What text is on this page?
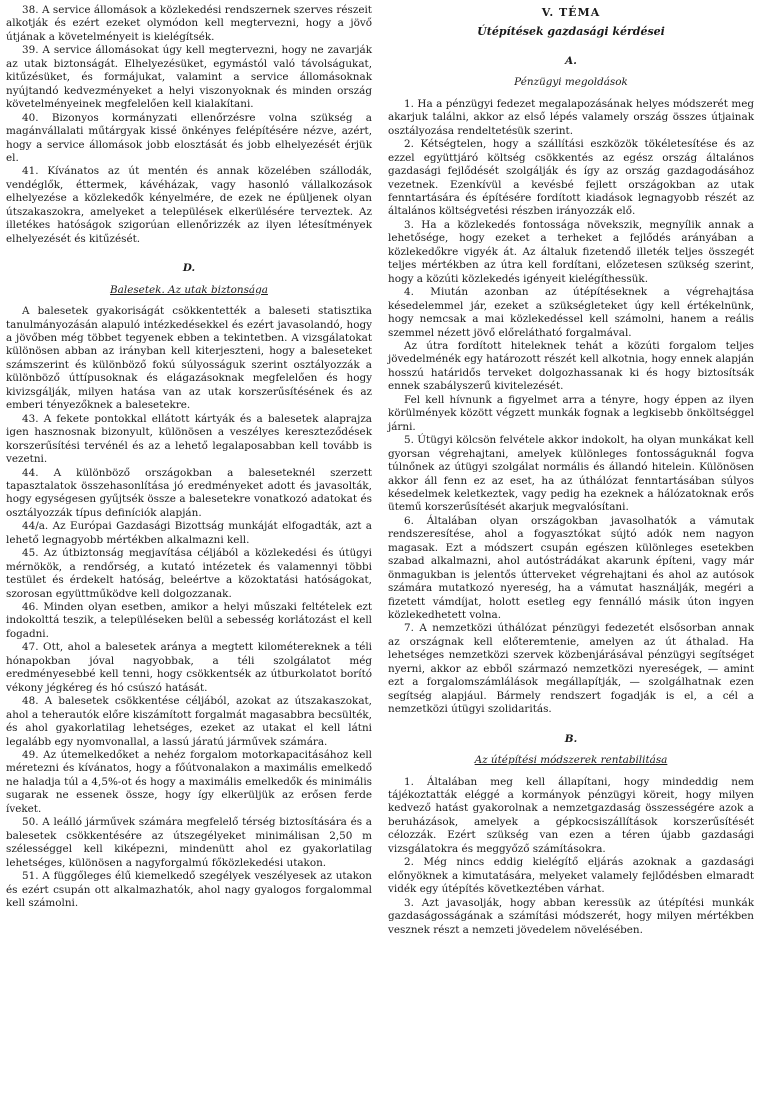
38. A service állomások a közlekedési rendszernek szerves részeit alkotják és ezért ezeket olymódon kell megtervezni, hogy a jövő útjának a követelményeit is kielégítsék.

39. A service állomásokat úgy kell megtervezni, hogy ne zavarják az utak biztonságát. Elhelyezésüket, egymástól való távolságukat, kitűzésüket, és formájukat, valamint a service állomásoknak nyújtandó kedvezményeket a helyi viszonyoknak és minden ország követelményeinek megfelelően kell kialakítani.

40. Bizonyos kormányzati ellenőrzésre volna szükség a magánvállalati műtárgyak kissé önkényes felépítésére nézve, azért, hogy a service állomások jobb elosztását és jobb elhelyezését érjük el.

41. Kívánatos az út mentén és annak közelében szállodák, vendéglők, éttermek, kávéházak, vagy hasonló vállalkozások elhelyezése a közlekedők kényelmére, de ezek ne épüljenek olyan útszakaszokra, amelyeket a települések elkerülésére terveztek. Az illetékes hatóságok szigorúan ellenőrizzék az ilyen létesítmények elhelyezését és kitűzését.

D.
Balesetek. Az utak biztonsága

A balesetek gyakoriságát csökkentették a baleseti statisztika tanulmányozásán alapuló intézkedésekkel és ezért javasolandó, hogy a jövőben még többet tegyenek ebben a tekintetben. A vizsgálatokat különösen abban az irányban kell kiterjeszteni, hogy a baleseteket számszerint és különböző fokú súlyosságuk szerint osztályozzák a különböző úttípusoknak és elágazásoknak megfelelően és hogy kivizsgálják, milyen hatása van az utak korszerűsítésének és az emberi tényezőknek a balesetekre.

43. A fekete pontokkal ellátott kártyák és a balesetek alaprajza igen hasznosnak bizonyult, különösen a veszélyes kereszteződések korszerűsítési tervénél és az a lehető legalaposabban kell tovább is vezetni.

44. A különböző országokban a baleseteknél szerzett tapasztalatok összehasonlítása jó eredményeket adott és javasolták, hogy egységesen gyűjtsék össze a balesetekre vonatkozó adatokat és osztályozzák típus definíciók alapján.

44/a. Az Európai Gazdasági Bizottság munkáját elfogadták, azt a lehető legnagyobb mértékben alkalmazni kell.

45. Az útbiztonság megjavítása céljából a közlekedési és útügyi mérnökök, a rendőrség, a kutató intézetek és valamennyi többi testület és érdekelt hatóság, beleértve a közoktatási hatóságokat, szorosan együttműködve kell dolgozzanak.

46. Minden olyan esetben, amikor a helyi műszaki feltételek ezt indokolttá teszik, a településeken belül a sebesség korlátozást el kell fogadni.

47. Ott, ahol a balesetek aránya a megtett kilométereknek a téli hónapokban jóval nagyobbak, a téli szolgálatot még eredményesebbé kell tenni, hogy csökkentsék az útburkolatot borító vékony jégkéreg és hó csúszó hatását.

48. A balesetek csökkentése céljából, azokat az útszakaszokat, ahol a teherautók előre kiszámított forgalmát magasabbra becsülték, és ahol gyakorlatilag lehetséges, ezeket az utakat el kell látni legalább egy nyomvonallal, a lassú járatú járművek számára.

49. Az útemelkedőket a nehéz forgalom motorkapacitásához kell méretezni és kívánatos, hogy a főútvonalakon a maximális emelkedő ne haladja túl a 4,5%-ot és hogy a maximális emelkedők és minimális sugarak ne essenek össze, hogy így elkerüljük az erősen ferde íveket.

50. A leálló járművek számára megfelelő térség biztosítására és a balesetek csökkentésére az útszegélyeket minimálisan 2,50 m szélességgel kell kiképezni, mindenütt ahol ez gyakorlatilag lehetséges, különösen a nagyforgalmú főközlekedési utakon.

51. A függőleges élű kiemelkedő szegélyek veszélyesek az utakon és ezért csupán ott alkalmazhatók, ahol nagy gyalogos forgalommal kell számolni.

V. TÉMA
Útépítések gazdasági kérdései
A.
Pénzügyi megoldások

1. Ha a pénzügyi fedezet megalapozásának helyes módszerét meg akarjuk találni, akkor az első lépés valamely ország összes útjainak osztályozása rendeltetésük szerint.

2. Kétségtelen, hogy a szállítási eszközök tökéletesítése és az ezzel együttjáró költség csökkentés az egész ország általános gazdasági fejlődését szolgálják és így az ország gazdagodásához vezetnek. Ezenkívül a kevésbé fejlett országokban az utak fenntartására és építésére fordított kiadások legnagyobb részét az általános költségvetési részben irányozzák elő.

3. Ha a közlekedés fontossága növekszik, megnyílik annak a lehetősége, hogy ezeket a terheket a fejlődés arányában a közlekedőkre vigyék át. Az általuk fizetendő illeték teljes összegét teljes mértékben az útra kell fordítani, előzetesen szükség szerint, hogy a közúti közlekedés igényeit kielégíthessük.

4. Miután azonban az útépítéseknek a végrehajtása késedelemmel jár, ezeket a szükségleteket úgy kell értékelnünk, hogy nemcsak a mai közlekedéssel kell számolni, hanem a reális szemmel nézett jövő előrelátható forgalmával.

Az útra fordított hiteleknek tehát a közúti forgalom teljes jövedelménék egy határozott részét kell alkotnia, hogy ennek alapján hosszú határidős terveket dolgozhassanak ki és hogy biztosítsák ennek szabályszerű kivitelezését.

Fel kell hívnunk a figyelmet arra a tényre, hogy éppen az ilyen körülmények között végzett munkák fognak a legkisebb önköltséggel járni.

5. Útügyi kölcsön felvétele akkor indokolt, ha olyan munkákat kell gyorsan végrehajtani, amelyek különleges fontosságuknál fogva túlnőnek az útügyi szolgálat normális és állandó hitelein. Különösen akkor áll fenn ez az eset, ha az úthálózat fenntartásában súlyos késedelmek keletkeztek, vagy pedig ha ezeknek a hálózatoknak erős ütemű korszerűsítését akarjuk megvalósítani.

6. Általában olyan országokban javasolhatók a vámutak rendszeresítése, ahol a fogyasztókat sújtó adók nem nagyon magasak. Ezt a módszert csupán egészen különleges esetekben szabad alkalmazni, ahol autóstrádákat akarunk építeni, vagy már önmagukban is jelentős útterveket végrehajtani és ahol az autósok számára mutatkozó nyereség, ha a vámutat használják, megéri a fizetett vámdíjat, holott esetleg egy fennálló másik úton ingyen közlekedhetett volna.

7. A nemzetközi úthálózat pénzügyi fedezetét elsősorban annak az országnak kell előteremtenie, amelyen az út áthalad. Ha lehetséges nemzetközi szervek közbenjárásával pénzügyi segítséget nyerni, akkor az ebből származó nemzetközi nyereségek, — amint ezt a forgalomszámlálások megállapítják, — szolgálhatnak ezen segítség alapjául. Bármely rendszert fogadják is el, a cél a nemzetközi útügyi szolidaritás.

B.
Az útépítési módszerek rentabilitása

1. Általában meg kell állapítani, hogy mindeddig nem tájékoztatták eléggé a kormányok pénzügyi köreit, hogy milyen kedvező hatást gyakorolnak a nemzetgazdaság összességére azok a beruházások, amelyek a gépkocsiszállítások korszerűsítését célozzák. Ezért szükség van ezen a téren újabb gazdasági vizsgálatokra és meggyőző számításokra.

2. Még nincs eddig kielégítő eljárás azoknak a gazdasági előnyöknek a kimutatására, melyeket valamely fejlődésben elmaradt vidék egy útépítés következtében várhat.

3. Azt javasolják, hogy abban keressük az útépítési munkák gazdaságosságának a számítási módszerét, hogy milyen mértékben vesznek részt a nemzeti jövedelem növelésében.
